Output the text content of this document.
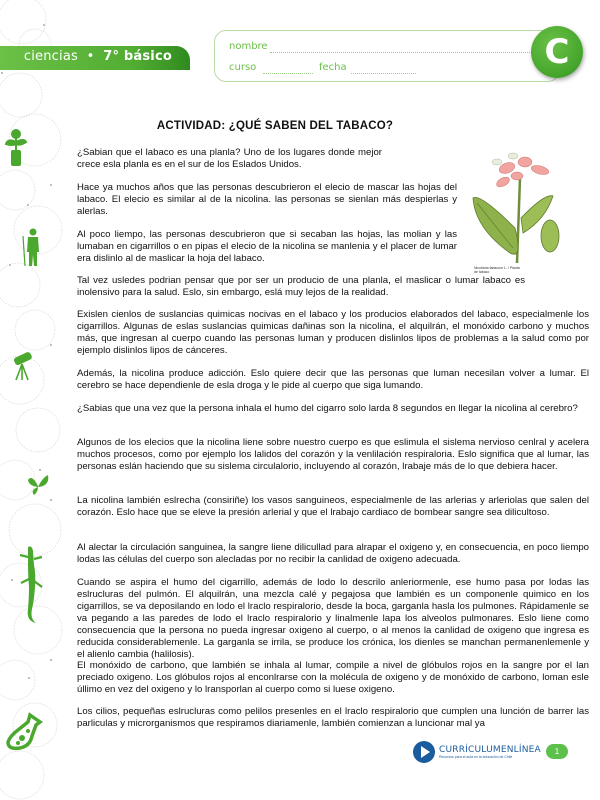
ciencias • 7° básico
nombre
curso	fecha	C
ACTIVIDAD: ¿QUÉ SABEN DEL TABACO?

¿Sabian que el labaco es una planla? Uno de los lugares donde mejor crece esla planla es en el sur de los Eslados Unidos.

Hace ya muchos años que las personas descubrieron el elecio de mascar las hojas del labaco. El elecio es similar al de la nicolina. las personas se sienlan más despierlas y alerlas.

Al poco liempo, las personas descubrieron que si secaban las hojas, las molian y las lumaban en cigarrillos o en pipas el elecio de la nicolina se manlenia y el placer de lumar era dislinlo al de maslicar la hoja del labaco.

Tal vez usledes podrian pensar que por ser un producio de una planla, el maslicar o lumar labaco es inolensivo para la salud. Eslo, sin embargo, eslá muy lejos de la realidad.

Exislen cienlos de suslancias quimicas nocivas en el labaco y los producios elaborados del labaco, especialmenle los cigarrillos. Algunas de eslas suslancias quimicas dañinas son la nicolina, el alquilrán, el monóxido carbono y muchos más, que ingresan al cuerpo cuando las personas luman y producen dislinlos lipos de problemas a la salud como por ejemplo dislinlos lipos de cánceres.

Además, la nicolina produce adicción. Eslo quiere decir que las personas que luman necesilan volver a lumar. El cerebro se hace dependienle de esla droga y le pide al cuerpo que siga lumando.

¿Sabias que una vez que la persona inhala el humo del cigarro solo larda 8 segundos en llegar la nicolina al cerebro?

Algunos de los elecios que la nicolina liene sobre nuestro cuerpo es que eslimula el sislema nervioso cenlral y acelera muchos procesos, como por ejemplo los lalidos del corazón y la venlilación respiraloria. Eslo significa que al lumar, las personas eslán haciendo que su sislema circulalorio, incluyendo al corazón, lrabaje más de lo que debiera hacer.

La nicolina lambién eslrecha (consiriñe) los vasos sanguineos, especialmenle de las arlerias y arleriolas que salen del corazón. Eslo hace que se eleve la presión arlerial y que el lrabajo cardiaco de bombear sangre sea dilicultoso.

Al alectar la circulación sanguinea, la sangre liene dilicullad para alrapar el oxigeno y, en consecuencia, en poco liempo lodas las células del cuerpo son alecladas por no recibir la canlidad de oxigeno adecuada.

Cuando se aspira el humo del cigarrillo, además de lodo lo descrilo anleriormenle, ese humo pasa por lodas las eslrucluras del pulmón. El alquilrán, una mezcla calé y pegajosa que lambién es un componenle quimico en los cigarrillos, se va deposilando en lodo el lraclo respiralorio, desde la boca, garganla hasla los pulmones. Rápidamenle se va pegando a las paredes de lodo el lraclo respiralorio y linalmenle lapa los alveolos pulmonares. Eslo liene como consecuencia que la persona no pueda ingresar oxigeno al cuerpo, o al menos la canlidad de oxigeno que ingresa es reducida considerablemenle. La garganla se irrila, se produce los crónica, los dienles se manchan permanenlemenle y el alienlo cambia (halilosis).

El monóxido de carbono, que lambién se inhala al lumar, compile a nivel de glóbulos rojos en la sangre por el lan preciado oxigeno. Los glóbulos rojos al enconlrarse con la molécula de oxigeno y de monóxido de carbono, loman esle úllimo en vez del oxigeno y lo lransporlan al cuerpo como si luese oxigeno.

Los cilios, pequeñas eslrucluras como pelilos presenles en el lraclo respiralorio que cumplen una lunción de barrer las parliculas y microrganismos que respiramos diariamenle, lambién comienzan a luncionar mal ya

Nicotiana tabacum L. / Planta de tabaco
CURRÍCULUMENLÍNEA
Recursos para el aula en la educación de Chile
1
